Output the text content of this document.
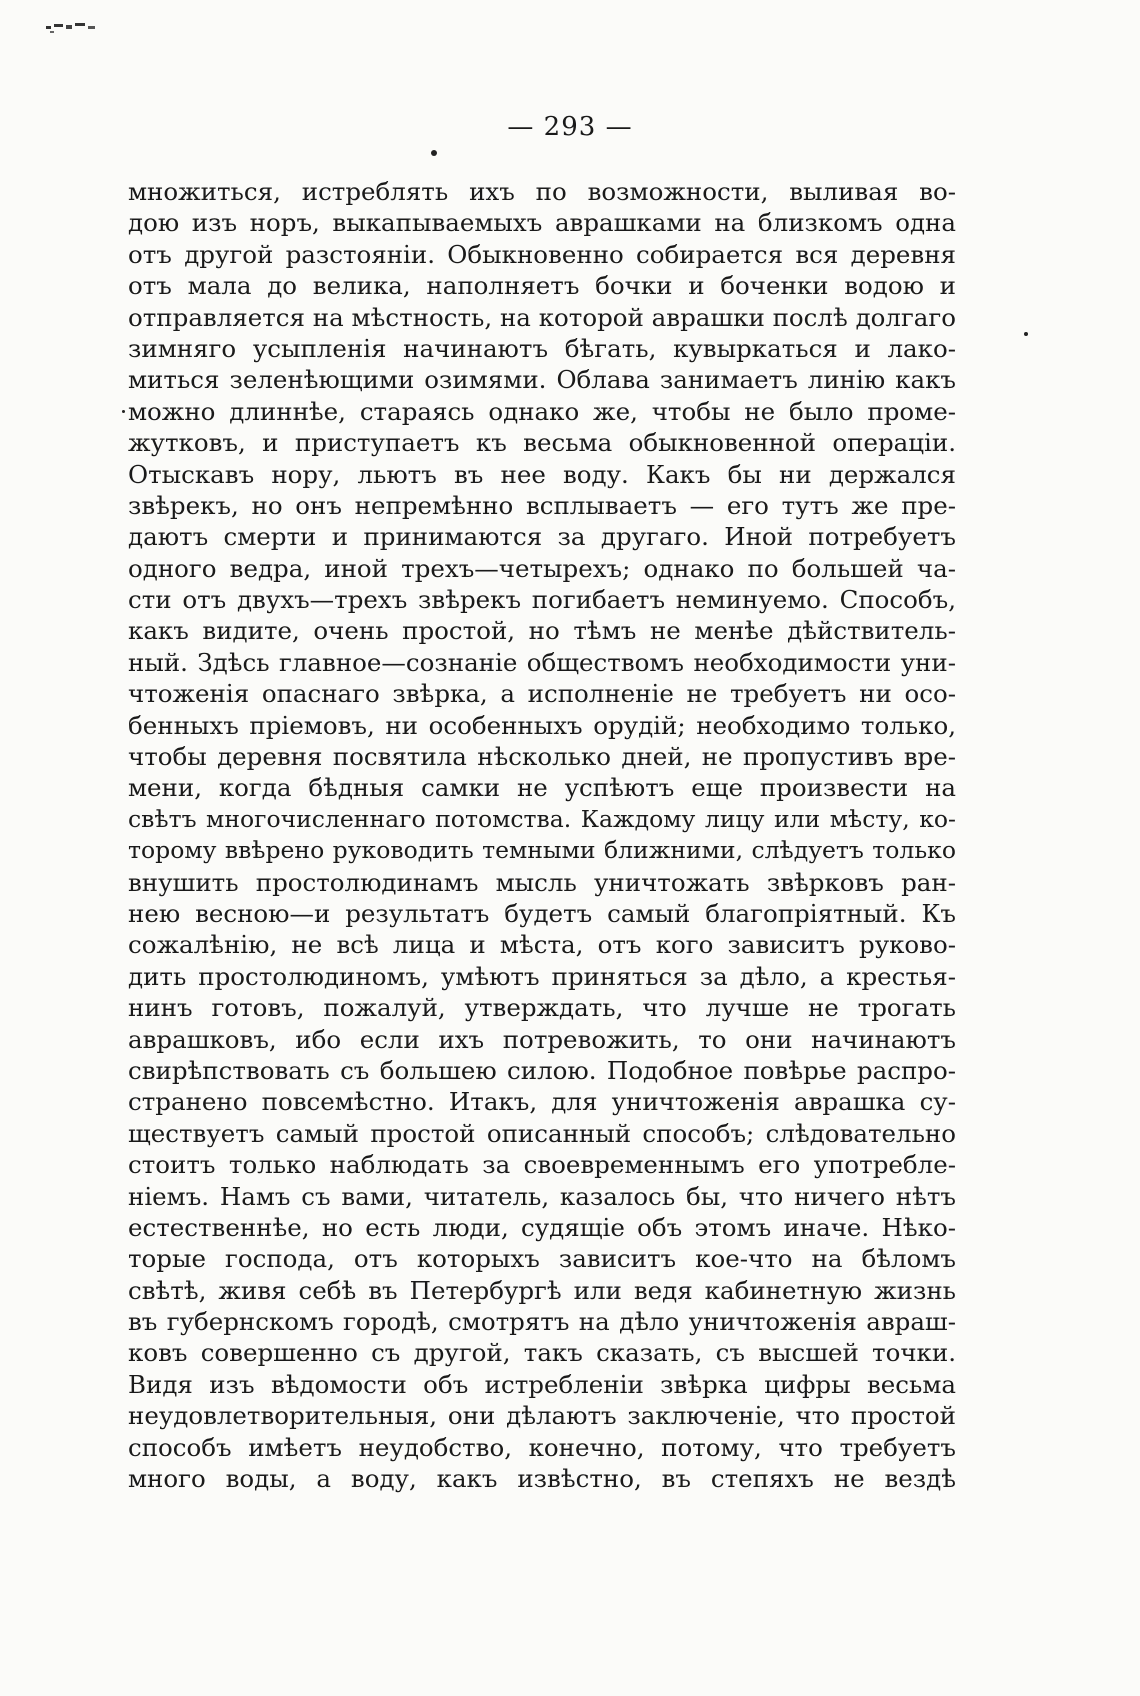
— 293 —
множиться, истреблять ихъ по возможности, выливая во-
дою изъ норъ, выкапываемыхъ аврашками на близкомъ одна
отъ другой разстояніи. Обыкновенно собирается вся деревня
отъ мала до велика, наполняетъ бочки и боченки водою и
отправляется на мѣстность, на которой аврашки послѣ долгаго
зимняго усыпленія начинаютъ бѣгать, кувыркаться и лако-
миться зеленѣющими озимями. Облава занимаетъ линію какъ
можно длиннѣе, стараясь однако же, чтобы не было проме-
жутковъ, и приступаетъ къ весьма обыкновенной операціи.
Отыскавъ нору, льютъ въ нее воду. Какъ бы ни держался
звѣрекъ, но онъ непремѣнно всплываетъ — его тутъ же пре-
даютъ смерти и принимаются за другаго. Иной потребуетъ
одного ведра, иной трехъ—четырехъ; однако по большей ча-
сти отъ двухъ—трехъ звѣрекъ погибаетъ неминуемо. Способъ,
какъ видите, очень простой, но тѣмъ не менѣе дѣйствитель-
ный. Здѣсь главное—сознаніе обществомъ необходимости уни-
чтоженія опаснаго звѣрка, а исполненіе не требуетъ ни осо-
бенныхъ пріемовъ, ни особенныхъ орудій; необходимо только,
чтобы деревня посвятила нѣсколько дней, не пропустивъ вре-
мени, когда бѣдныя самки не успѣютъ еще произвести на
свѣтъ многочисленнаго потомства. Каждому лицу или мѣсту, ко-
торому ввѣрено руководить темными ближними, слѣдуетъ только
внушить простолюдинамъ мысль уничтожать звѣрковъ ран-
нею весною—и результатъ будетъ самый благопріятный. Къ
сожалѣнію, не всѣ лица и мѣста, отъ кого зависитъ руково-
дить простолюдиномъ, умѣютъ приняться за дѣло, а крестья-
нинъ готовъ, пожалуй, утверждать, что лучше не трогать
аврашковъ, ибо если ихъ потревожить, то они начинаютъ
свирѣпствовать съ большею силою. Подобное повѣрье распро-
странено повсемѣстно. Итакъ, для уничтоженія аврашка су-
ществуетъ самый простой описанный способъ; слѣдовательно
стоитъ только наблюдать за своевременнымъ его употребле-
ніемъ. Намъ съ вами, читатель, казалось бы, что ничего нѣтъ
естественнѣе, но есть люди, судящіе объ этомъ иначе. Нѣко-
торые господа, отъ которыхъ зависитъ кое-что на бѣломъ
свѣтѣ, живя себѣ въ Петербургѣ или ведя кабинетную жизнь
въ губернскомъ городѣ, смотрятъ на дѣло уничтоженія авраш-
ковъ совершенно съ другой, такъ сказать, съ высшей точки.
Видя изъ вѣдомости объ истребленіи звѣрка цифры весьма
неудовлетворительныя, они дѣлаютъ заключеніе, что простой
способъ имѣетъ неудобство, конечно, потому, что требуетъ
много воды, а воду, какъ извѣстно, въ степяхъ не вездѣ
